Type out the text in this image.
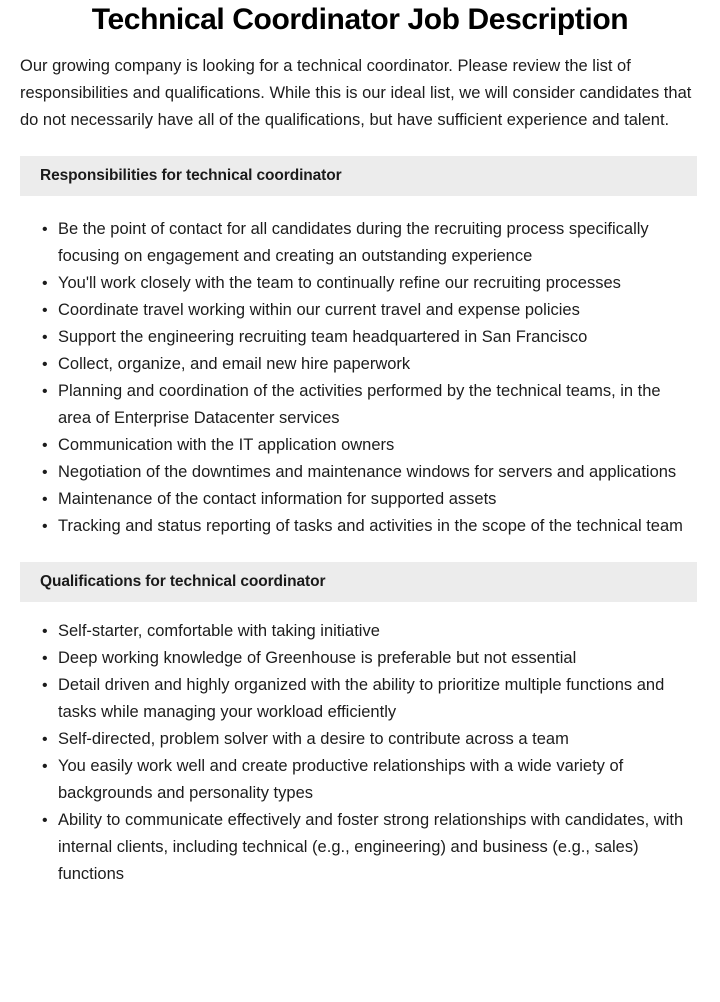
Technical Coordinator Job Description

Our growing company is looking for a technical coordinator. Please review the list of responsibilities and qualifications. While this is our ideal list, we will consider candidates that do not necessarily have all of the qualifications, but have sufficient experience and talent.

Responsibilities for technical coordinator
• Be the point of contact for all candidates during the recruiting process specifically focusing on engagement and creating an outstanding experience
• You'll work closely with the team to continually refine our recruiting processes
• Coordinate travel working within our current travel and expense policies
• Support the engineering recruiting team headquartered in San Francisco
• Collect, organize, and email new hire paperwork
• Planning and coordination of the activities performed by the technical teams, in the area of Enterprise Datacenter services
• Communication with the IT application owners
• Negotiation of the downtimes and maintenance windows for servers and applications
• Maintenance of the contact information for supported assets
• Tracking and status reporting of tasks and activities in the scope of the technical team
Qualifications for technical coordinator
• Self-starter, comfortable with taking initiative
• Deep working knowledge of Greenhouse is preferable but not essential
• Detail driven and highly organized with the ability to prioritize multiple functions and tasks while managing your workload efficiently
• Self-directed, problem solver with a desire to contribute across a team
• You easily work well and create productive relationships with a wide variety of backgrounds and personality types
• Ability to communicate effectively and foster strong relationships with candidates, with internal clients, including technical (e.g., engineering) and business (e.g., sales) functions
